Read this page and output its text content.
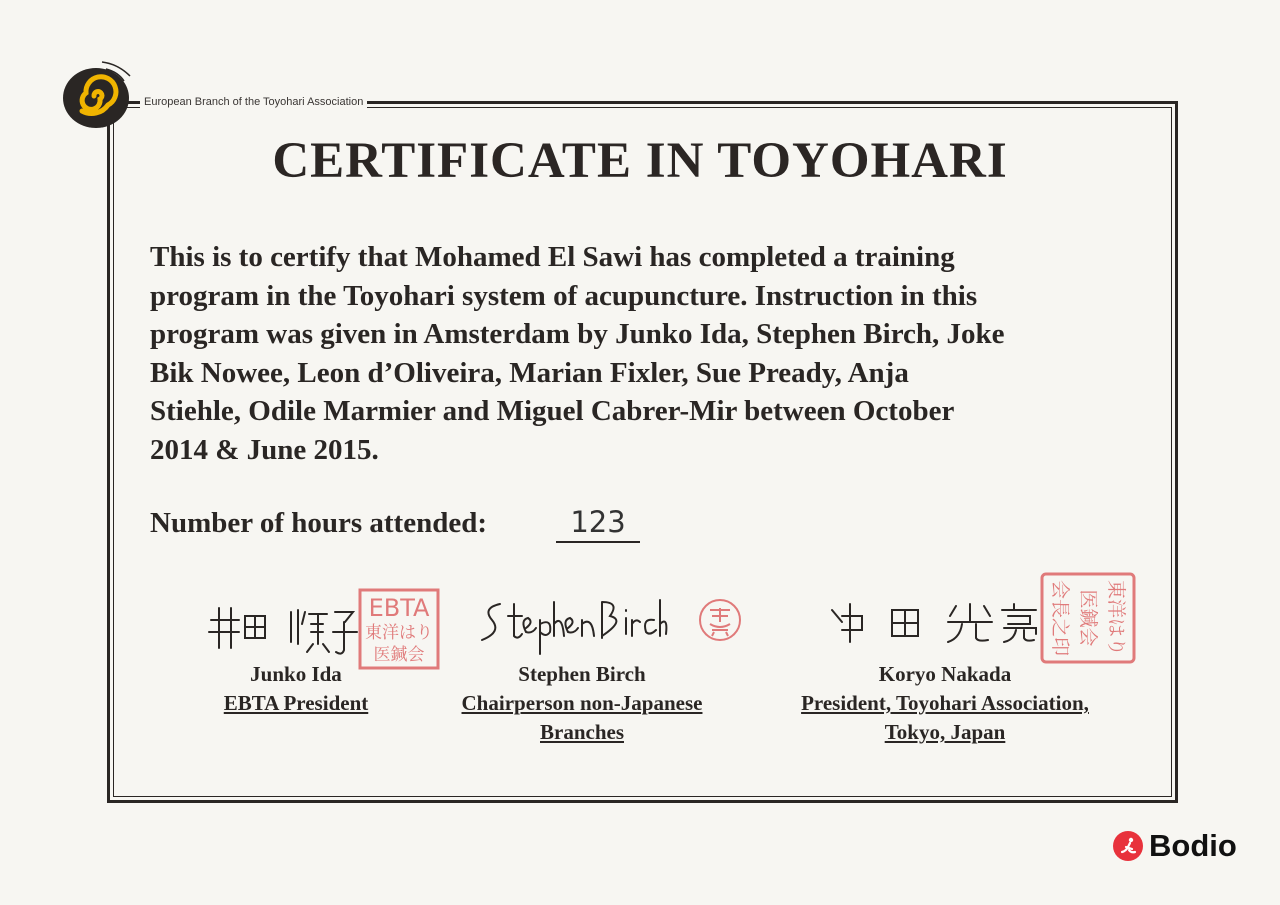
European Branch of the Toyohari Association
CERTIFICATE IN TOYOHARI
This is to certify that Mohamed El Sawi has completed a training
program in the Toyohari system of acupuncture. Instruction in this
program was given in Amsterdam by Junko Ida, Stephen Birch, Joke
Bik Nowee, Leon d’Oliveira, Marian Fixler, Sue Pready, Anja
Stiehle, Odile Marmier and Miguel Cabrer-Mir between October
2014 & June 2015.
Number of hours attended:	123
EBTA
東洋はり
医鍼会	東洋はり
医鍼会
会長之印
Junko Ida
EBTA President
Stephen Birch
Chairperson non-Japanese
Branches
Koryo Nakada
President, Toyohari Association,
Tokyo, Japan
Bodio
